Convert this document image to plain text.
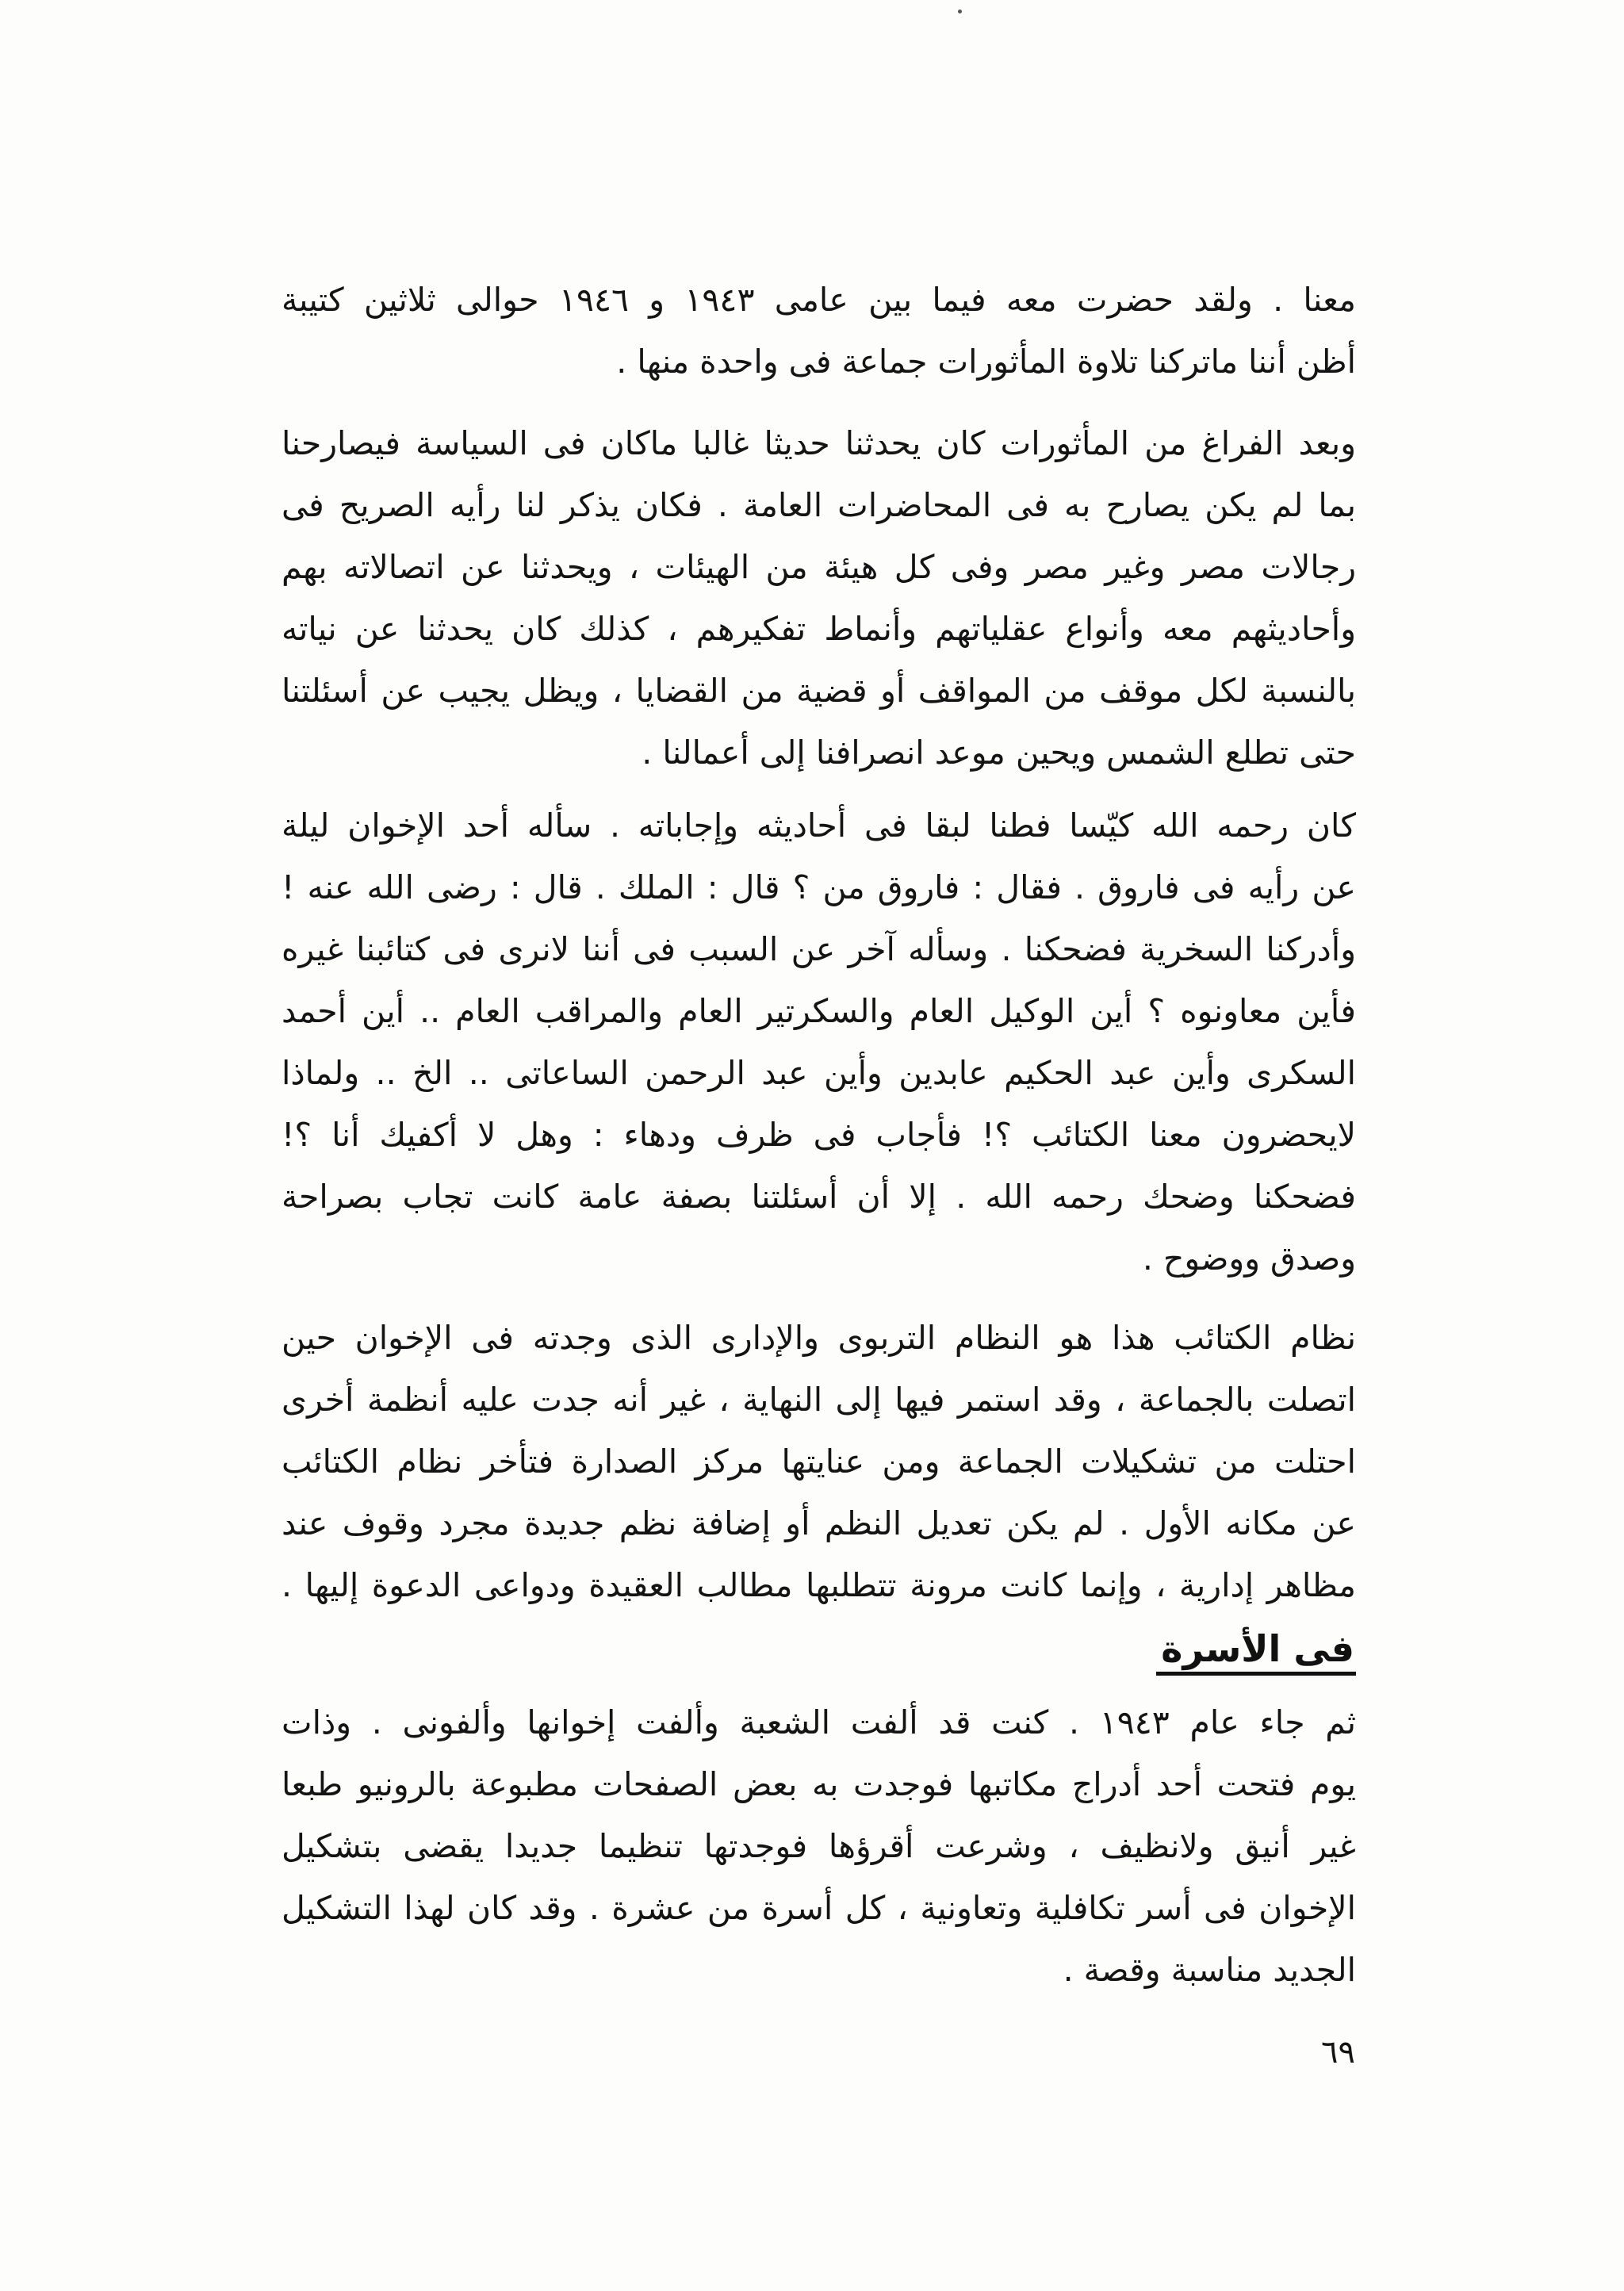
معنا . ولقد حضرت معه فيما بين عامى ١٩٤٣ و ١٩٤٦ حوالى ثلاثين كتيبة
أظن أننا ماتركنا تلاوة المأثورات جماعة فى واحدة منها .
وبعد الفراغ من المأثورات كان يحدثنا حديثا غالبا ماكان فى السياسة فيصارحنا
بما لم يكن يصارح به فى المحاضرات العامة . فكان يذكر لنا رأيه الصريح فى
رجالات مصر وغير مصر وفى كل هيئة من الهيئات ، ويحدثنا عن اتصالاته بهم
وأحاديثهم معه وأنواع عقلياتهم وأنماط تفكيرهم ، كذلك كان يحدثنا عن نياته
بالنسبة لكل موقف من المواقف أو قضية من القضايا ، ويظل يجيب عن أسئلتنا
حتى تطلع الشمس ويحين موعد انصرافنا إلى أعمالنا .
كان رحمه الله كيّسا فطنا لبقا فى أحاديثه وإجاباته . سأله أحد الإخوان ليلة
عن رأيه فى فاروق . فقال : فاروق من ؟ قال : الملك . قال : رضى الله عنه !
وأدركنا السخرية فضحكنا . وسأله آخر عن السبب فى أننا لانرى فى كتائبنا غيره
فأين معاونوه ؟ أين الوكيل العام والسكرتير العام والمراقب العام .. أين أحمد
السكرى وأين عبد الحكيم عابدين وأين عبد الرحمن الساعاتى .. الخ .. ولماذا
لايحضرون معنا الكتائب ؟! فأجاب فى ظرف ودهاء : وهل لا أكفيك أنا ؟!
فضحكنا وضحك رحمه الله . إلا أن أسئلتنا بصفة عامة كانت تجاب بصراحة
وصدق ووضوح .
نظام الكتائب هذا هو النظام التربوى والإدارى الذى وجدته فى الإخوان حين
اتصلت بالجماعة ، وقد استمر فيها إلى النهاية ، غير أنه جدت عليه أنظمة أخرى
احتلت من تشكيلات الجماعة ومن عنايتها مركز الصدارة فتأخر نظام الكتائب
عن مكانه الأول . لم يكن تعديل النظم أو إضافة نظم جديدة مجرد وقوف عند
مظاهر إدارية ، وإنما كانت مرونة تتطلبها مطالب العقيدة ودواعى الدعوة إليها .
فى الأسرة
ثم جاء عام ١٩٤٣ . كنت قد ألفت الشعبة وألفت إخوانها وألفونى . وذات
يوم فتحت أحد أدراج مكاتبها فوجدت به بعض الصفحات مطبوعة بالرونيو طبعا
غير أنيق ولانظيف ، وشرعت أقرؤها فوجدتها تنظيما جديدا يقضى بتشكيل
الإخوان فى أسر تكافلية وتعاونية ، كل أسرة من عشرة . وقد كان لهذا التشكيل
الجديد مناسبة وقصة .
٦٩
